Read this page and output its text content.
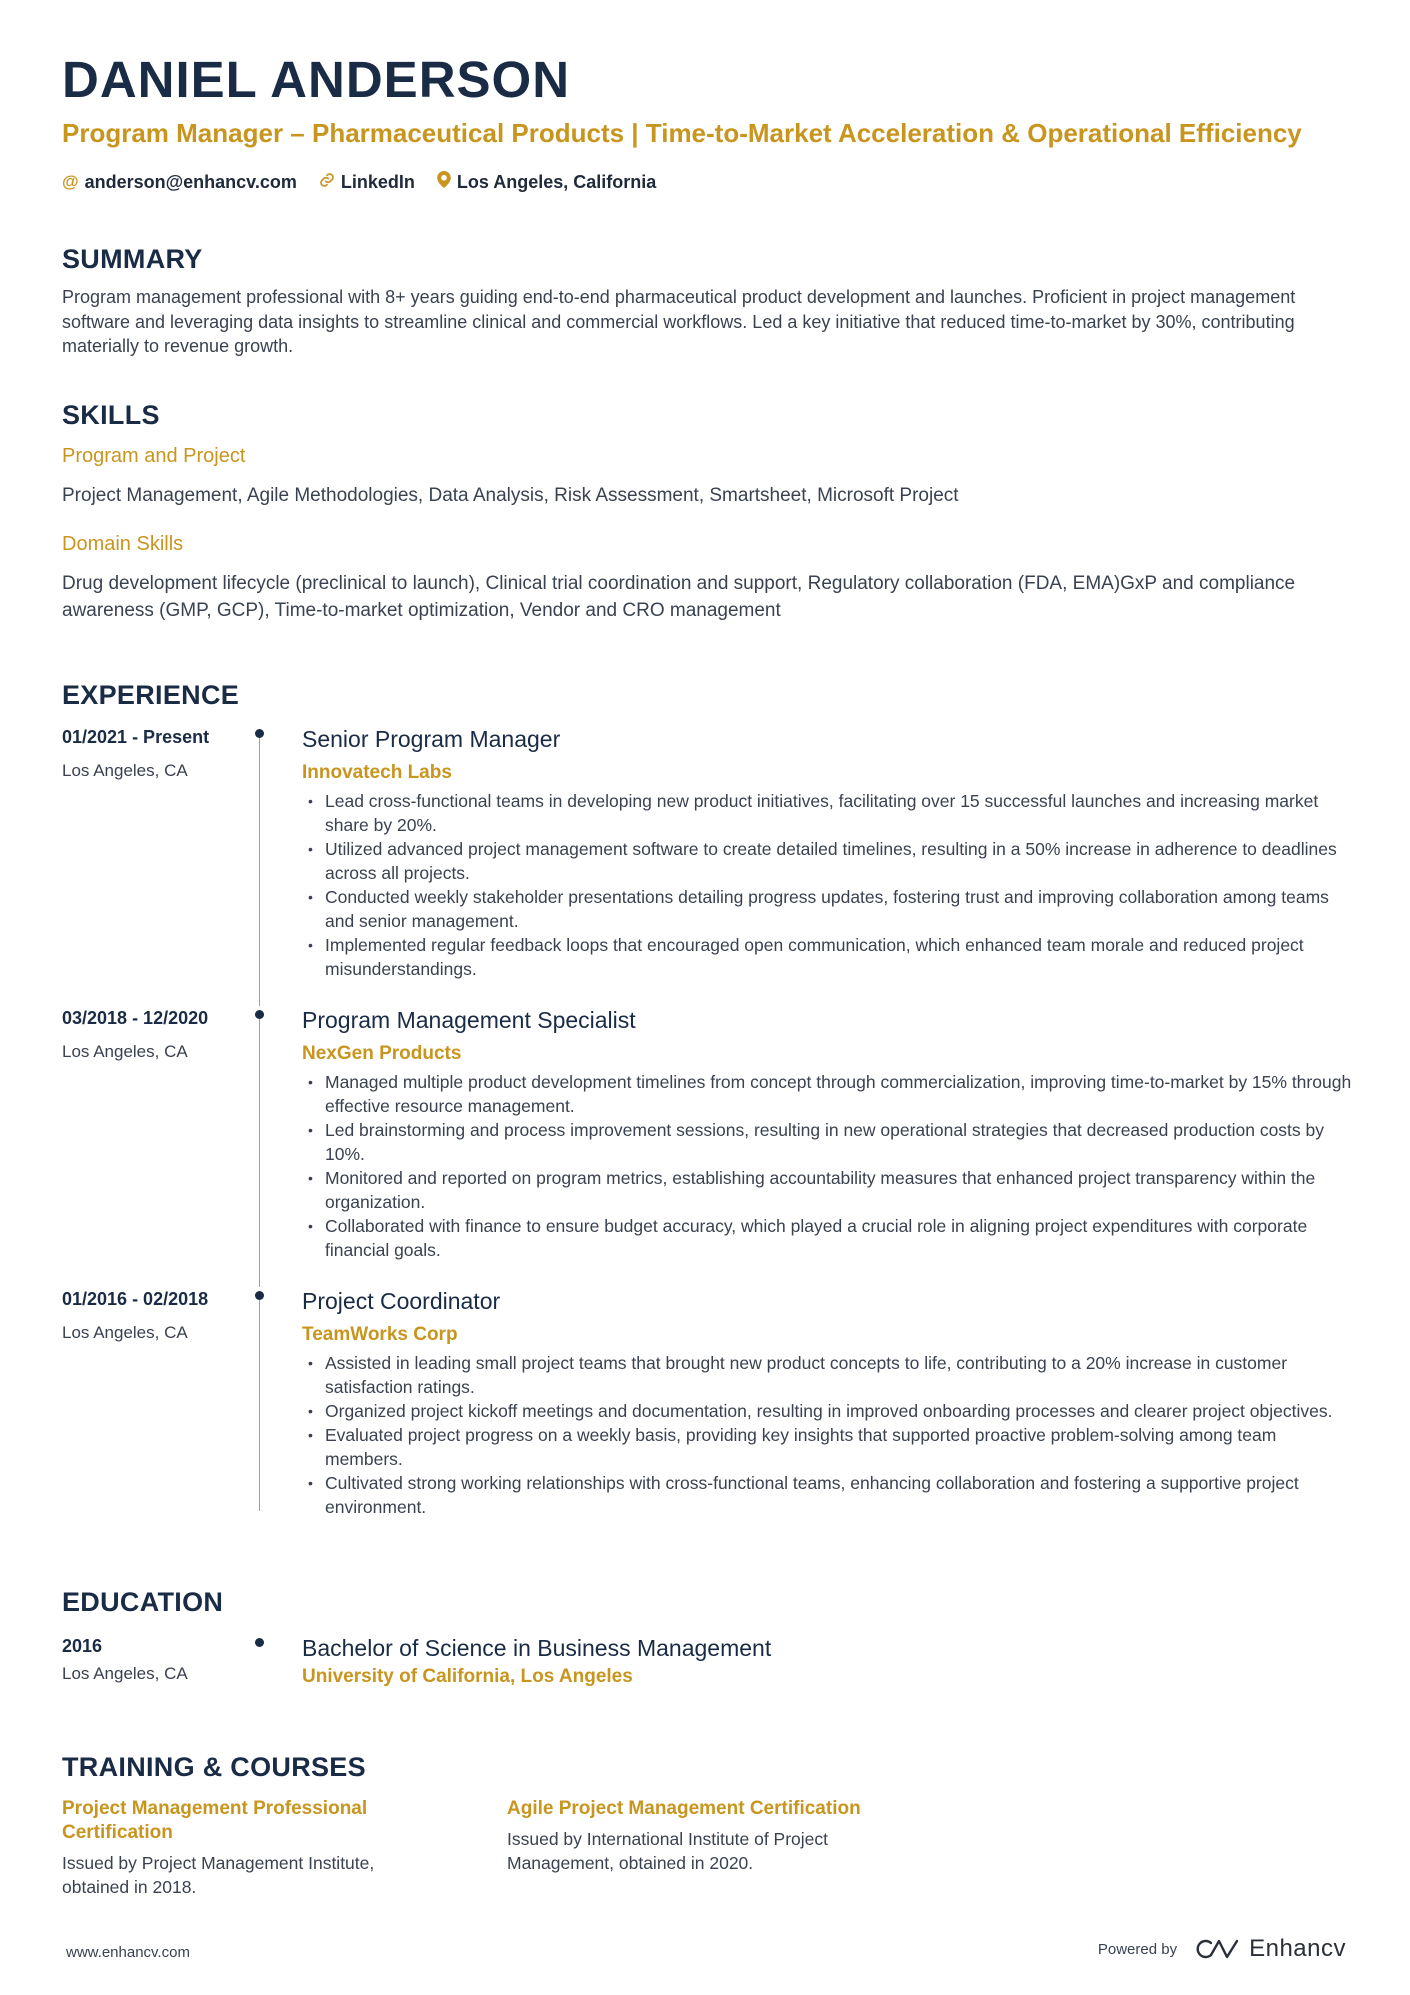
DANIEL ANDERSON
Program Manager – Pharmaceutical Products | Time-to-Market Acceleration & Operational Efficiency
@ anderson@enhancv.com LinkedIn Los Angeles, California
SUMMARY
Program management professional with 8+ years guiding end-to-end pharmaceutical product development and launches. Proficient in project management software and leveraging data insights to streamline clinical and commercial workflows. Led a key initiative that reduced time-to-market by 30%, contributing materially to revenue growth.
SKILLS
Program and Project
Project Management, Agile Methodologies, Data Analysis, Risk Assessment, Smartsheet, Microsoft Project
Domain Skills
Drug development lifecycle (preclinical to launch), Clinical trial coordination and support, Regulatory collaboration (FDA, EMA)GxP and compliance awareness (GMP, GCP), Time-to-market optimization, Vendor and CRO management
EXPERIENCE
01/2021 - Present
Los Angeles, CA
Senior Program Manager
Innovatech Labs
• Lead cross-functional teams in developing new product initiatives, facilitating over 15 successful launches and increasing market share by 20%.
• Utilized advanced project management software to create detailed timelines, resulting in a 50% increase in adherence to deadlines across all projects.
• Conducted weekly stakeholder presentations detailing progress updates, fostering trust and improving collaboration among teams and senior management.
• Implemented regular feedback loops that encouraged open communication, which enhanced team morale and reduced project misunderstandings.
03/2018 - 12/2020
Los Angeles, CA
Program Management Specialist
NexGen Products
• Managed multiple product development timelines from concept through commercialization, improving time-to-market by 15% through effective resource management.
• Led brainstorming and process improvement sessions, resulting in new operational strategies that decreased production costs by 10%.
• Monitored and reported on program metrics, establishing accountability measures that enhanced project transparency within the organization.
• Collaborated with finance to ensure budget accuracy, which played a crucial role in aligning project expenditures with corporate financial goals.
01/2016 - 02/2018
Los Angeles, CA
Project Coordinator
TeamWorks Corp
• Assisted in leading small project teams that brought new product concepts to life, contributing to a 20% increase in customer satisfaction ratings.
• Organized project kickoff meetings and documentation, resulting in improved onboarding processes and clearer project objectives.
• Evaluated project progress on a weekly basis, providing key insights that supported proactive problem-solving among team members.
• Cultivated strong working relationships with cross-functional teams, enhancing collaboration and fostering a supportive project environment.
EDUCATION
2016
Los Angeles, CA
Bachelor of Science in Business Management
University of California, Los Angeles
TRAINING & COURSES
Project Management Professional Certification
Issued by Project Management Institute, obtained in 2018.
Agile Project Management Certification
Issued by International Institute of Project Management, obtained in 2020.
www.enhancv.com	Powered by	Enhancv
